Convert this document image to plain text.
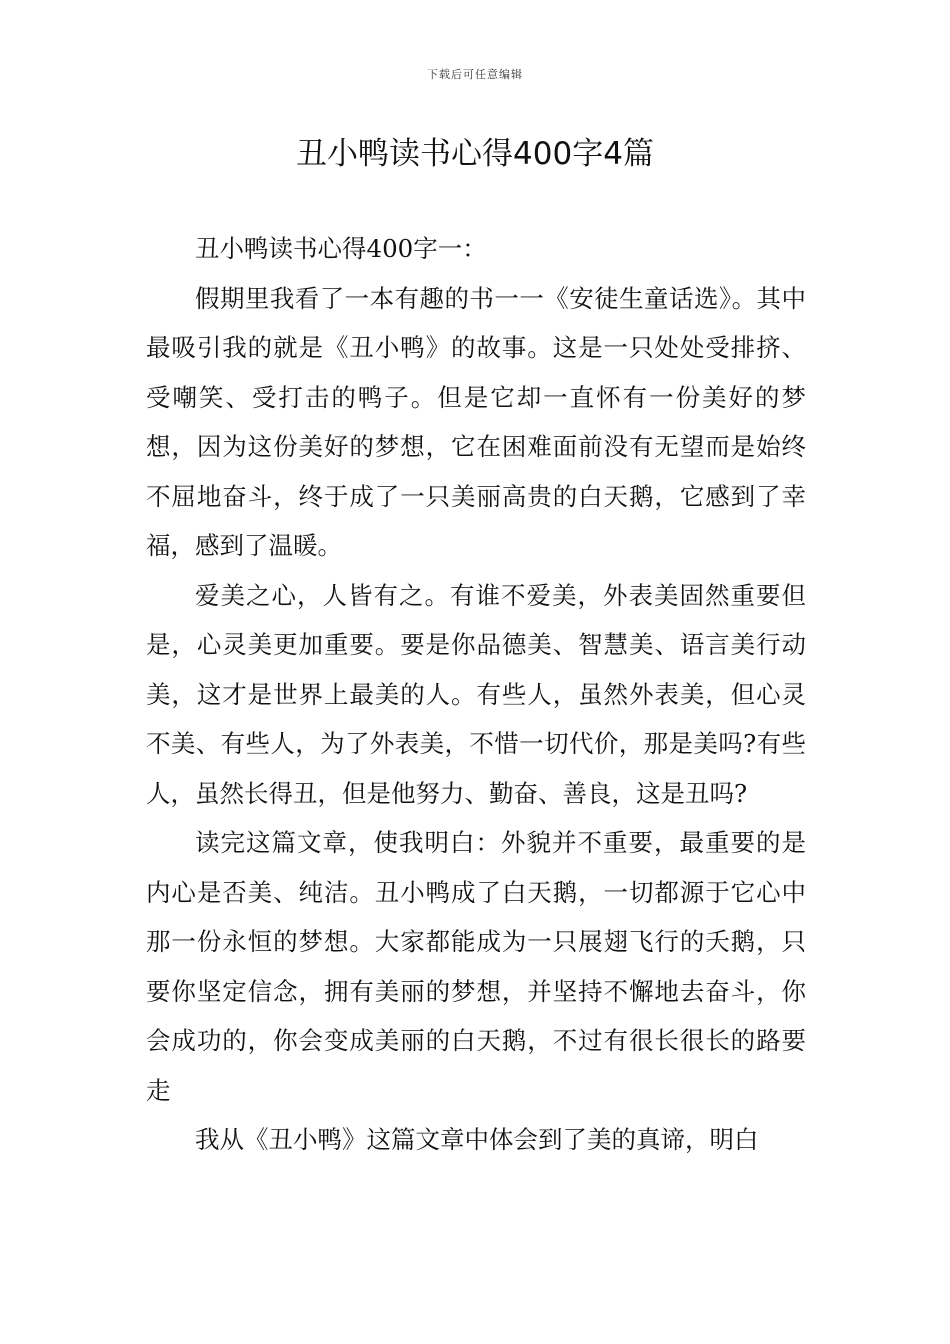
下载后可任意编辑
丑小鸭读书心得400字4篇

丑小鸭读书心得400字一：

假期里我看了一本有趣的书一一《安徒生童话选》。其中最吸引我的就是《丑小鸭》的故事。这是一只处处受排挤、受嘲笑、受打击的鸭子。但是它却一直怀有一份美好的梦想，因为这份美好的梦想，它在困难面前没有无望而是始终不屈地奋斗，终于成了一只美丽高贵的白天鹅，它感到了幸福，感到了温暖。

爱美之心，人皆有之。有谁不爱美，外表美固然重要但是，心灵美更加重要。要是你品德美、智慧美、语言美行动美，这才是世界上最美的人。有些人，虽然外表美，但心灵不美、有些人，为了外表美，不惜一切代价，那是美吗?有些人，虽然长得丑，但是他努力、勤奋、善良，这是丑吗?

读完这篇文章，使我明白：外貌并不重要，最重要的是内心是否美、纯洁。丑小鸭成了白天鹅，一切都源于它心中那一份永恒的梦想。大家都能成为一只展翅飞行的夭鹅，只要你坚定信念，拥有美丽的梦想，并坚持不懈地去奋斗，你会成功的，你会变成美丽的白天鹅，不过有很长很长的路要走

我从《丑小鸭》这篇文章中体会到了美的真谛，明白
